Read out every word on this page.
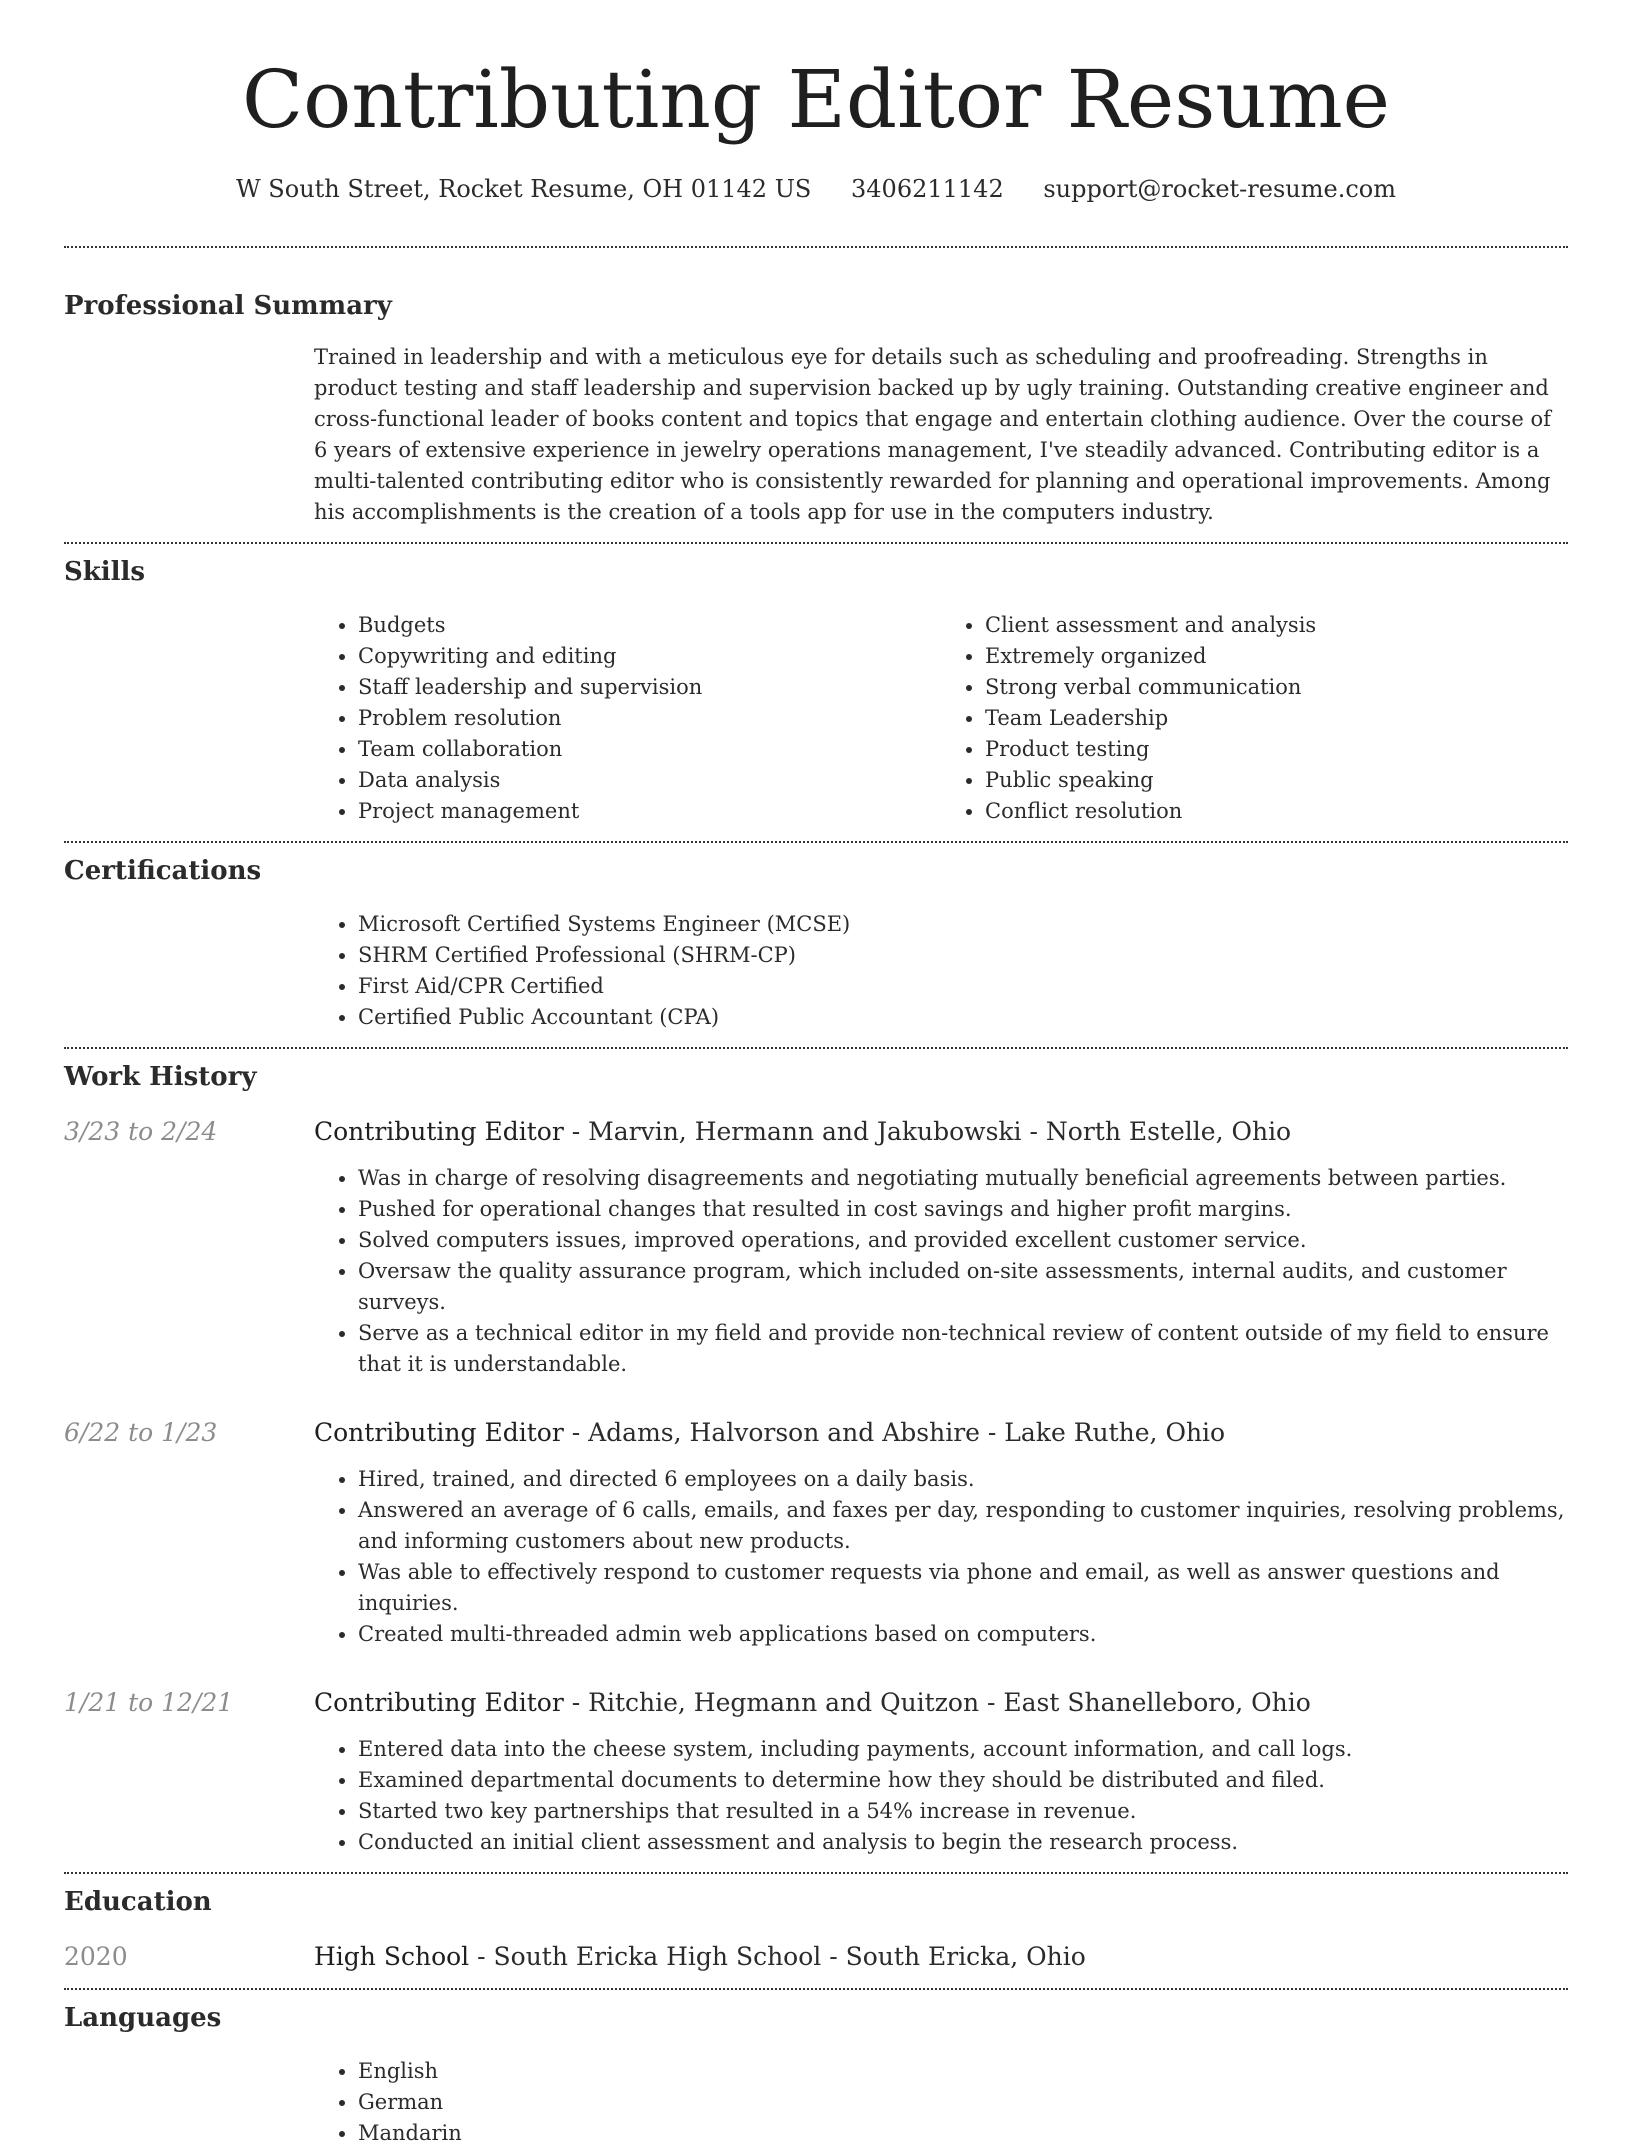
Contributing Editor Resume
W South Street, Rocket Resume, OH 01142 US 3406211142 support@rocket-resume.com
Professional Summary

Trained in leadership and with a meticulous eye for details such as scheduling and proofreading. Strengths in product testing and staff leadership and supervision backed up by ugly training. Outstanding creative engineer and cross-functional leader of books content and topics that engage and entertain clothing audience. Over the course of 6 years of extensive experience in jewelry operations management, I've steadily advanced. Contributing editor is a multi-talented contributing editor who is consistently rewarded for planning and operational improvements. Among his accomplishments is the creation of a tools app for use in the computers industry.

Skills
• Budgets
• Copywriting and editing
• Staff leadership and supervision
• Problem resolution
• Team collaboration
• Data analysis
• Project management
• Client assessment and analysis
• Extremely organized
• Strong verbal communication
• Team Leadership
• Product testing
• Public speaking
• Conflict resolution
Certifications
• Microsoft Certified Systems Engineer (MCSE)
• SHRM Certified Professional (SHRM-CP)
• First Aid/CPR Certified
• Certified Public Accountant (CPA)
Work History
3/23 to 2/24	Contributing Editor - Marvin, Hermann and Jakubowski - North Estelle, Ohio
• Was in charge of resolving disagreements and negotiating mutually beneficial agreements between parties.
• Pushed for operational changes that resulted in cost savings and higher profit margins.
• Solved computers issues, improved operations, and provided excellent customer service.
• Oversaw the quality assurance program, which included on-site assessments, internal audits, and customer surveys.
• Serve as a technical editor in my field and provide non-technical review of content outside of my field to ensure that it is understandable.
6/22 to 1/23	Contributing Editor - Adams, Halvorson and Abshire - Lake Ruthe, Ohio
• Hired, trained, and directed 6 employees on a daily basis.
• Answered an average of 6 calls, emails, and faxes per day, responding to customer inquiries, resolving problems, and informing customers about new products.
• Was able to effectively respond to customer requests via phone and email, as well as answer questions and inquiries.
• Created multi-threaded admin web applications based on computers.
1/21 to 12/21	Contributing Editor - Ritchie, Hegmann and Quitzon - East Shanelleboro, Ohio
• Entered data into the cheese system, including payments, account information, and call logs.
• Examined departmental documents to determine how they should be distributed and filed.
• Started two key partnerships that resulted in a 54% increase in revenue.
• Conducted an initial client assessment and analysis to begin the research process.
Education
2020	High School - South Ericka High School - South Ericka, Ohio
Languages
• English
• German
• Mandarin
